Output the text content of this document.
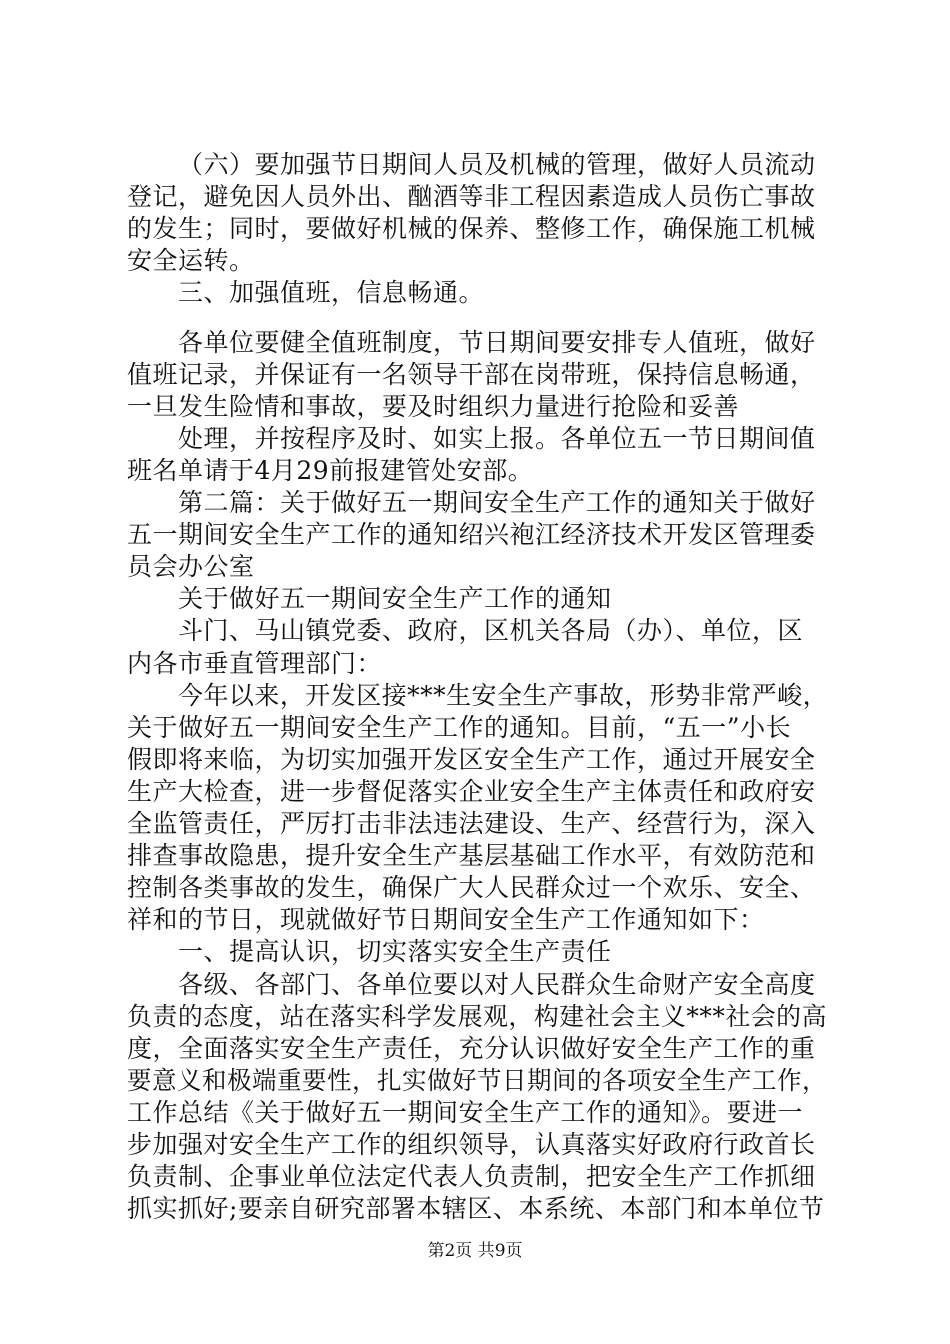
（六）要加强节日期间人员及机械的管理，做好人员流动
登记，避免因人员外出、酗酒等非工程因素造成人员伤亡事故
的发生；同时，要做好机械的保养、整修工作，确保施工机械
安全运转。
三、加强值班，信息畅通。
各单位要健全值班制度，节日期间要安排专人值班，做好
值班记录，并保证有一名领导干部在岗带班，保持信息畅通，
一旦发生险情和事故，要及时组织力量进行抢险和妥善
处理，并按程序及时、如实上报。各单位五一节日期间值
班名单请于4月29前报建管处安部。
第二篇：关于做好五一期间安全生产工作的通知关于做好
五一期间安全生产工作的通知绍兴袍江经济技术开发区管理委
员会办公室
关于做好五一期间安全生产工作的通知
斗门、马山镇党委、政府，区机关各局（办）、单位，区
内各市垂直管理部门：
今年以来，开发区接***生安全生产事故，形势非常严峻，
关于做好五一期间安全生产工作的通知。目前，“五一”小长
假即将来临，为切实加强开发区安全生产工作，通过开展安全
生产大检查，进一步督促落实企业安全生产主体责任和政府安
全监管责任，严厉打击非法违法建设、生产、经营行为，深入
排查事故隐患，提升安全生产基层基础工作水平，有效防范和
控制各类事故的发生，确保广大人民群众过一个欢乐、安全、
祥和的节日，现就做好节日期间安全生产工作通知如下：
一、提高认识，切实落实安全生产责任
各级、各部门、各单位要以对人民群众生命财产安全高度
负责的态度，站在落实科学发展观，构建社会主义***社会的高
度，全面落实安全生产责任，充分认识做好安全生产工作的重
要意义和极端重要性，扎实做好节日期间的各项安全生产工作，
工作总结《关于做好五一期间安全生产工作的通知》。要进一
步加强对安全生产工作的组织领导，认真落实好政府行政首长
负责制、企事业单位法定代表人负责制，把安全生产工作抓细
抓实抓好;要亲自研究部署本辖区、本系统、本部门和本单位节
第2页 共9页
